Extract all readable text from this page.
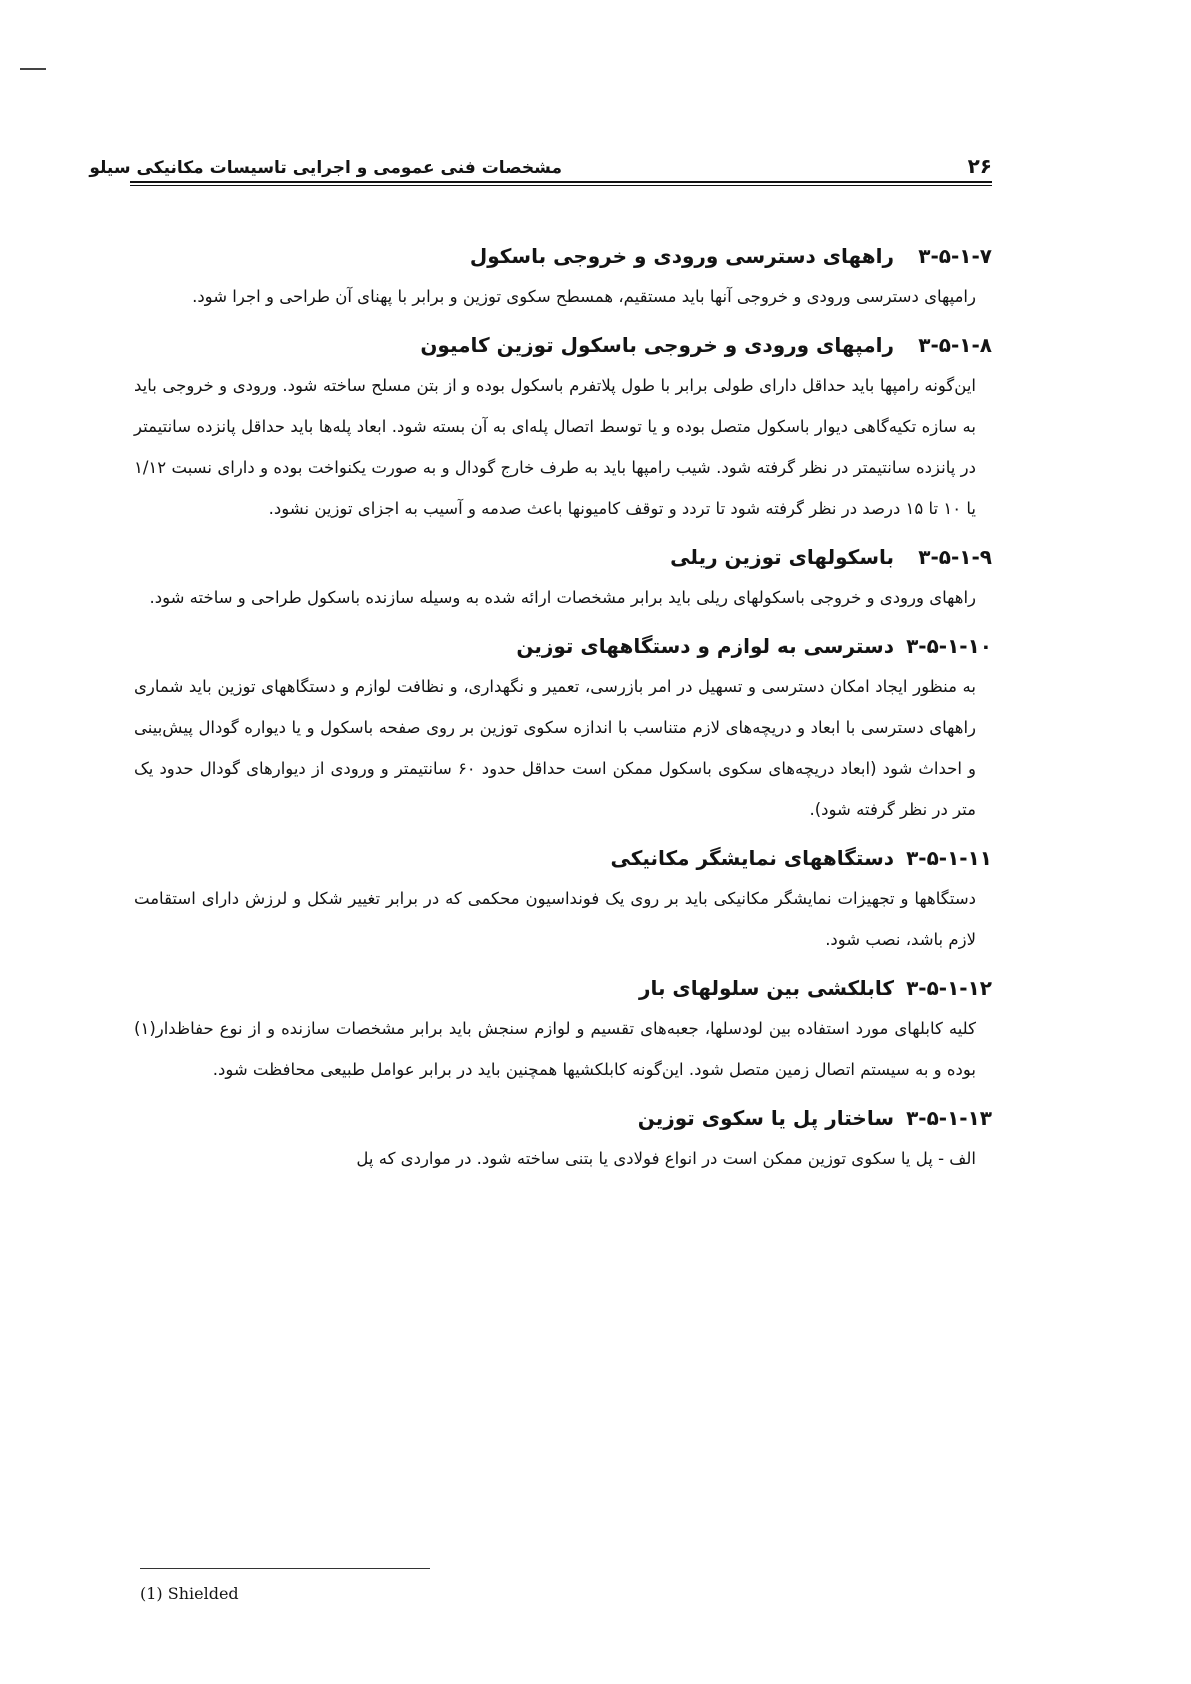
۲۶
مشخصات فنی عمومی و اجرایی تاسیسات مکانیکی سیلو
۳-۵-۱-۷
راههای دسترسی ورودی و خروجی باسکول

رامپهای دسترسی ورودی و خروجی آنها باید مستقیم، همسطح سکوی توزین و برابر با پهنای آن طراحی و اجرا شود.

۳-۵-۱-۸
رامپهای ورودی و خروجی باسکول توزین کامیون

این‌گونه رامپها باید حداقل دارای طولی برابر با طول پلاتفرم باسکول بوده و از بتن مسلح ساخته شود. ورودی و خروجی باید به سازه تکیه‌گاهی دیوار باسکول متصل بوده و یا توسط اتصال پله‌ای به آن بسته شود. ابعاد پله‌ها باید حداقل پانزده سانتیمتر در پانزده سانتیمتر در نظر گرفته شود. شیب رامپها باید به طرف خارج گودال و به صورت یکنواخت بوده و دارای نسبت ۱/۱۲ یا ۱۰ تا ۱۵ درصد در نظر گرفته شود تا تردد و توقف کامیونها باعث صدمه و آسیب به اجزای توزین نشود.

۳-۵-۱-۹
باسکولهای توزین ریلی

راههای ورودی و خروجی باسکولهای ریلی باید برابر مشخصات ارائه شده به وسیله سازنده باسکول طراحی و ساخته شود.

۳-۵-۱-۱۰
دسترسی به لوازم و دستگاههای توزین

به منظور ایجاد امکان دسترسی و تسهیل در امر بازرسی، تعمیر و نگهداری، و نظافت لوازم و دستگاههای توزین باید شماری راههای دسترسی با ابعاد و دریچه‌های لازم متناسب با اندازه سکوی توزین بر روی صفحه باسکول و یا دیواره گودال پیش‌بینی و احداث شود (ابعاد دریچه‌های سکوی باسکول ممکن است حداقل حدود ۶۰ سانتیمتر و ورودی از دیوارهای گودال حدود یک متر در نظر گرفته شود).

۳-۵-۱-۱۱
دستگاههای نمایشگر مکانیکی

دستگاهها و تجهیزات نمایشگر مکانیکی باید بر روی یک فونداسیون محکمی که در برابر تغییر شکل و لرزش دارای استقامت لازم باشد، نصب شود.

۳-۵-۱-۱۲
کابلکشی بین سلولهای بار

کلیه کابلهای مورد استفاده بین لودسلها، جعبه‌های تقسیم و لوازم سنجش باید برابر مشخصات سازنده و از نوع حفاظدار(۱) بوده و به سیستم اتصال زمین متصل شود. این‌گونه کابلکشیها همچنین باید در برابر عوامل طبیعی محافظت شود.

۳-۵-۱-۱۳
ساختار پل یا سکوی توزین

الف - پل یا سکوی توزین ممکن است در انواع فولادی یا بتنی ساخته شود. در مواردی که پل

(1) Shielded
